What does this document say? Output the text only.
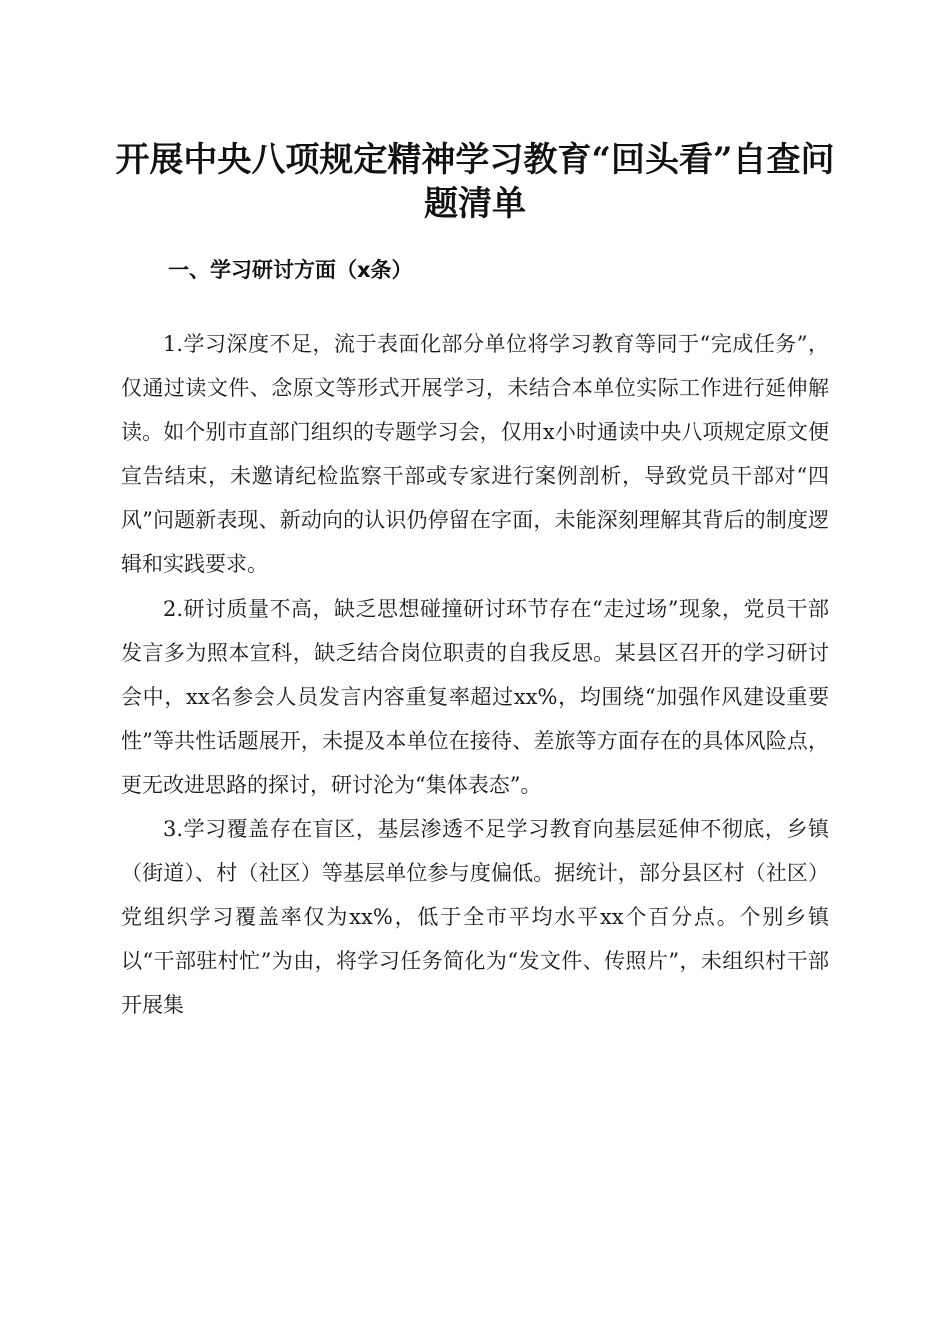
开展中央八项规定精神学习教育“回头看”自查问题清单
一、学习研讨方面（x条）

1.学习深度不足，流于表面化部分单位将学习教育等同于“完成任务”，仅通过读文件、念原文等形式开展学习，未结合本单位实际工作进行延伸解读。如个别市直部门组织的专题学习会，仅用x小时通读中央八项规定原文便宣告结束，未邀请纪检监察干部或专家进行案例剖析，导致党员干部对“四风”问题新表现、新动向的认识仍停留在字面，未能深刻理解其背后的制度逻辑和实践要求。

2.研讨质量不高，缺乏思想碰撞研讨环节存在“走过场”现象，党员干部发言多为照本宣科，缺乏结合岗位职责的自我反思。某县区召开的学习研讨会中，xx名参会人员发言内容重复率超过xx%，均围绕“加强作风建设重要性”等共性话题展开，未提及本单位在接待、差旅等方面存在的具体风险点，更无改进思路的探讨，研讨沦为“集体表态”。

3.学习覆盖存在盲区，基层渗透不足学习教育向基层延伸不彻底，乡镇（街道）、村（社区）等基层单位参与度偏低。据统计，部分县区村（社区）党组织学习覆盖率仅为xx%，低于全市平均水平xx个百分点。个别乡镇以“干部驻村忙”为由，将学习任务简化为“发文件、传照片”，未组织村干部开展集
